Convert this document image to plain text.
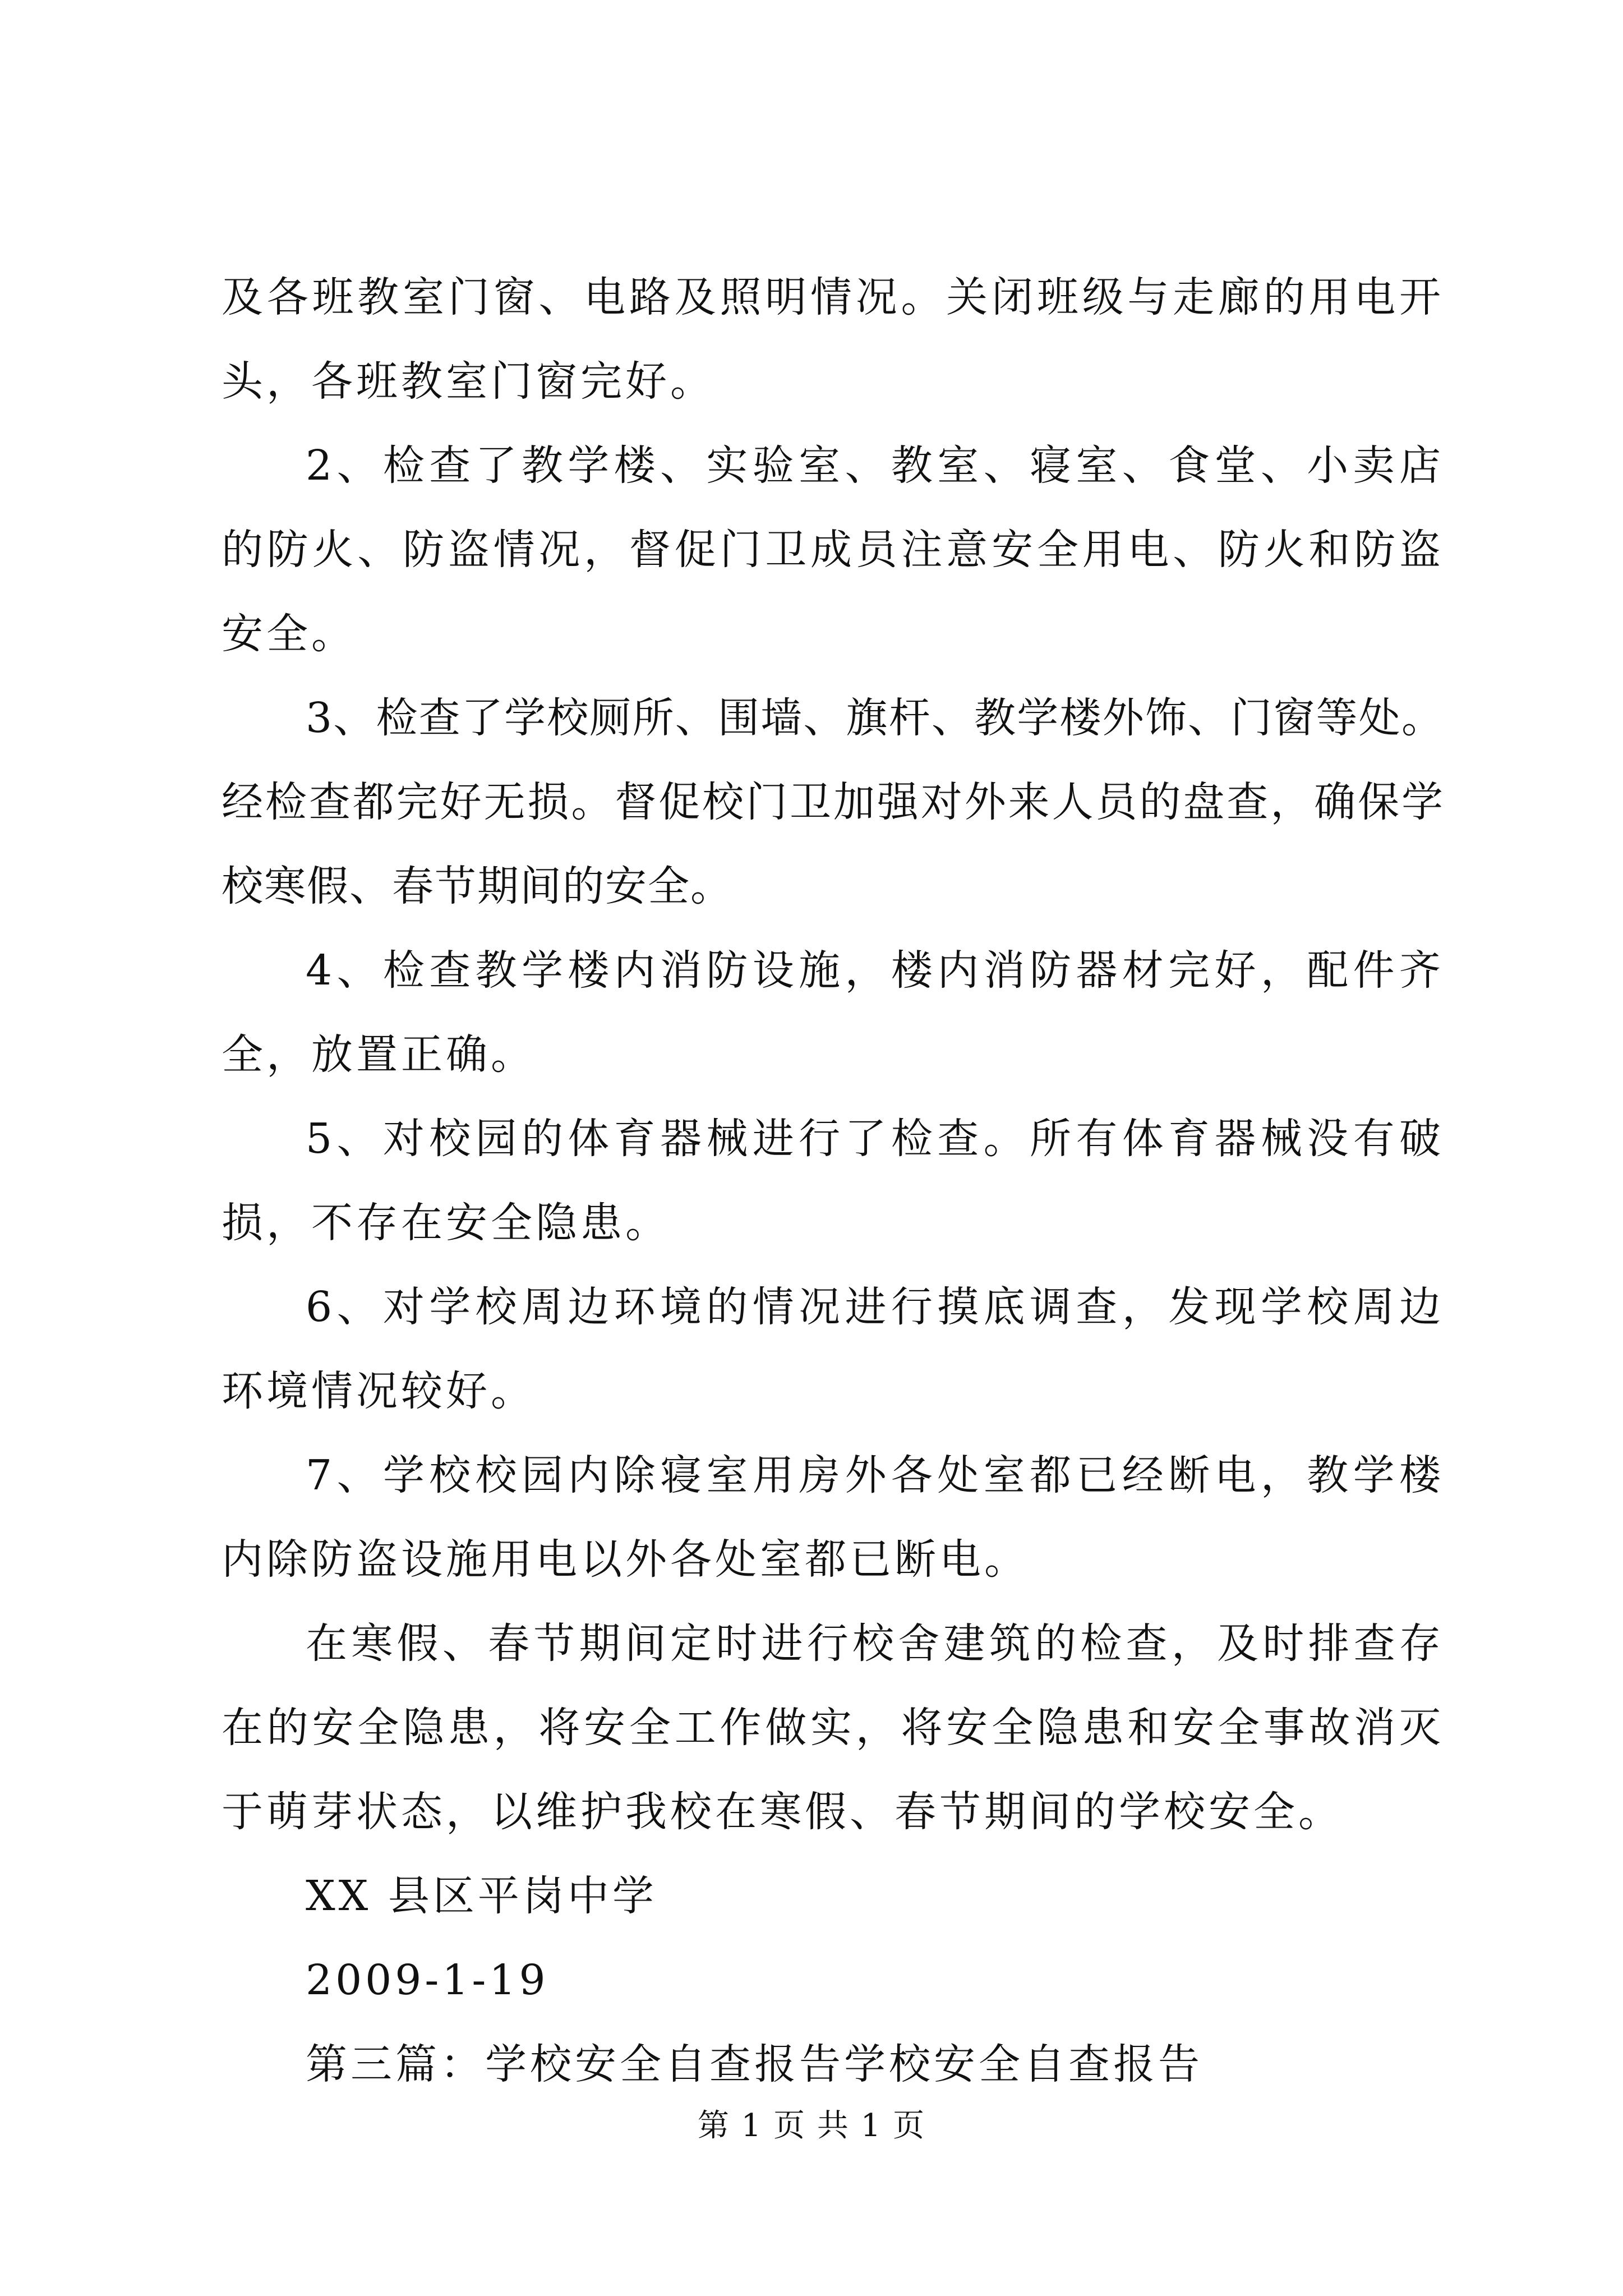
及各班教室门窗、电路及照明情况。关闭班级与走廊的用电开头，各班教室门窗完好。

2、检查了教学楼、实验室、教室、寝室、食堂、小卖店的防火、防盗情况，督促门卫成员注意安全用电、防火和防盗安全。

3、检查了学校厕所、围墙、旗杆、教学楼外饰、门窗等处。经检查都完好无损。督促校门卫加强对外来人员的盘查，确保学校寒假、春节期间的安全。

4、检查教学楼内消防设施，楼内消防器材完好，配件齐全，放置正确。

5、对校园的体育器械进行了检查。所有体育器械没有破损，不存在安全隐患。

6、对学校周边环境的情况进行摸底调查，发现学校周边环境情况较好。

7、学校校园内除寝室用房外各处室都已经断电，教学楼内除防盗设施用电以外各处室都已断电。

在寒假、春节期间定时进行校舍建筑的检查，及时排查存在的安全隐患，将安全工作做实，将安全隐患和安全事故消灭于萌芽状态，以维护我校在寒假、春节期间的学校安全。

XX 县区平岗中学

2009-1-19

第三篇：学校安全自查报告学校安全自查报告

第 1 页 共 1 页
